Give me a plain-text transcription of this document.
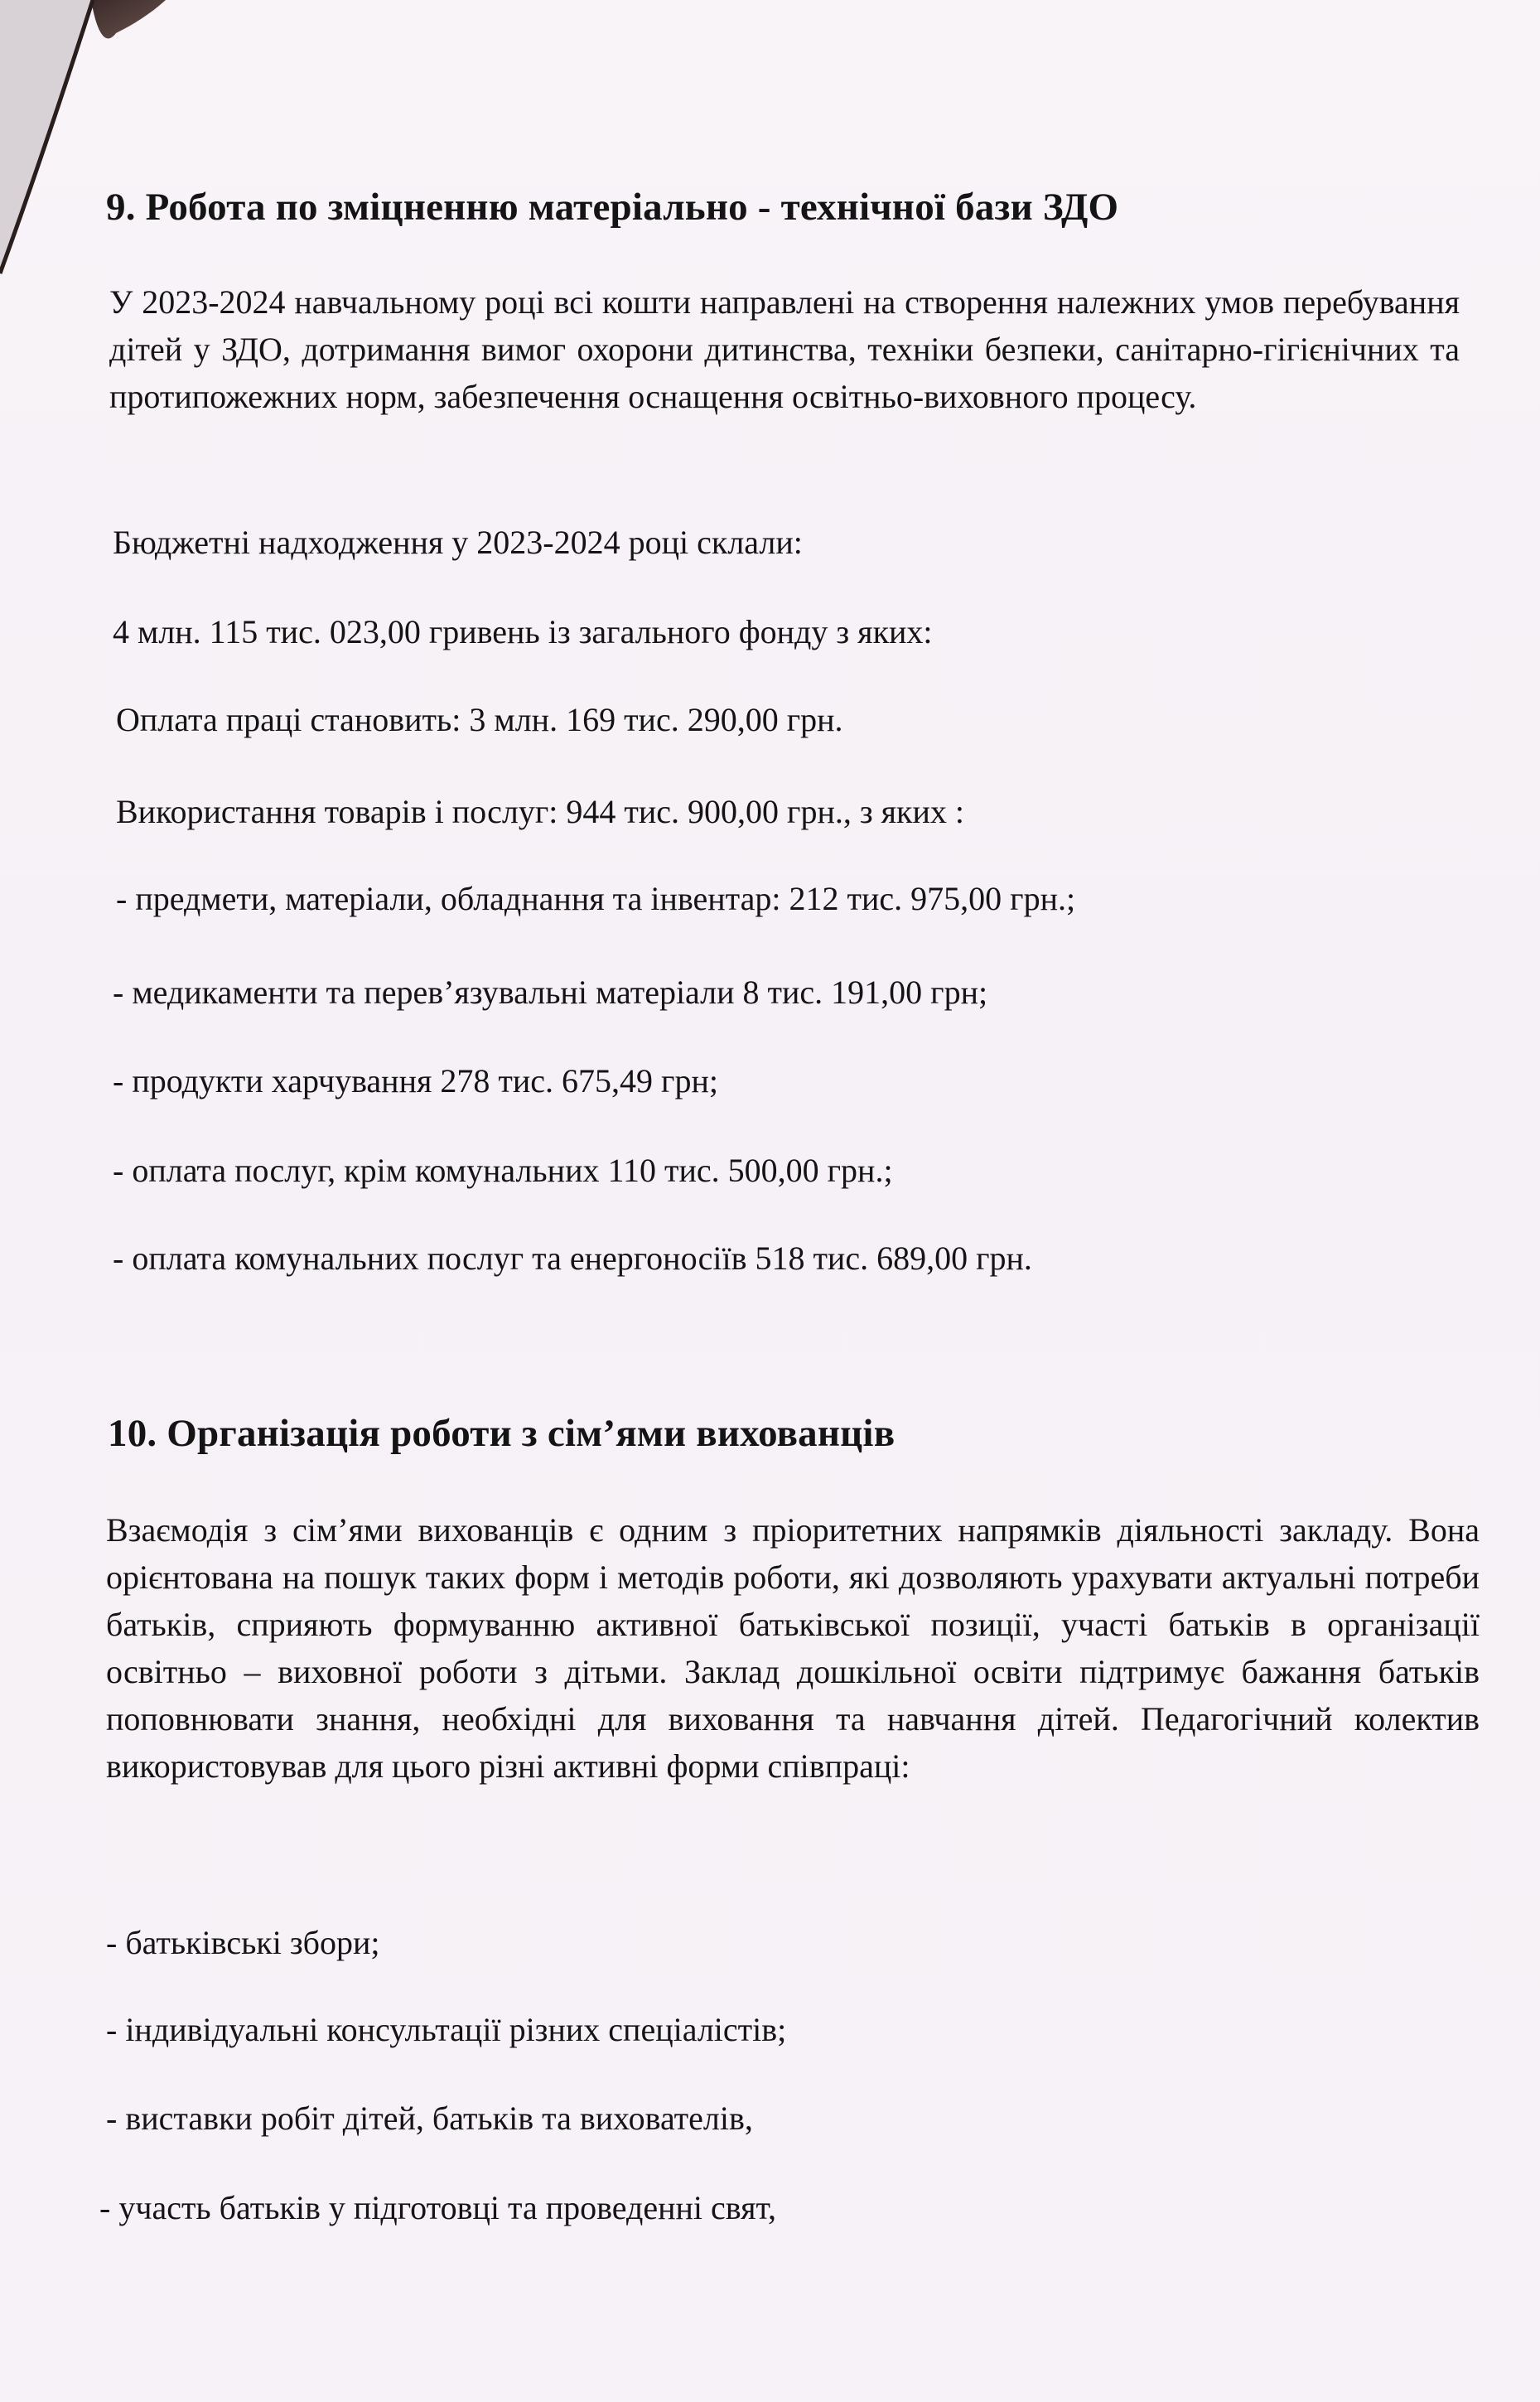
9. Робота по зміцненню матеріально - технічної бази ЗДО

У 2023-2024 навчальному році всі кошти направлені на створення належних умов перебування дітей у ЗДО, дотримання вимог охорони дитинства, техніки безпеки, санітарно-гігієнічних та протипожежних норм, забезпечення оснащення освітньо-виховного процесу.

Бюджетні надходження у 2023-2024 році склали:

4 млн. 115 тис. 023,00 гривень із загального фонду з яких:

Оплата праці становить: 3 млн. 169 тис. 290,00 грн.

Використання товарів і послуг: 944 тис. 900,00 грн., з яких :

- предмети, матеріали, обладнання та інвентар: 212 тис. 975,00 грн.;

- медикаменти та перев’язувальні матеріали 8 тис. 191,00 грн;

- продукти харчування 278 тис. 675,49 грн;

- оплата послуг, крім комунальних 110 тис. 500,00 грн.;

- оплата комунальних послуг та енергоносіїв 518 тис. 689,00 грн.

10. Організація роботи з сім’ями вихованців

Взаємодія з сім’ями вихованців є одним з пріоритетних напрямків діяльності закладу. Вона орієнтована на пошук таких форм і методів роботи, які дозволяють урахувати актуальні потреби батьків, сприяють формуванню активної батьківської позиції, участі батьків в організації освітньо – виховної роботи з дітьми. Заклад дошкільної освіти підтримує бажання батьків поповнювати знання, необхідні для виховання та навчання дітей. Педагогічний колектив використовував для цього різні активні форми співпраці:

- батьківські збори;

- індивідуальні консультації різних спеціалістів;

- виставки робіт дітей, батьків та вихователів,

- участь батьків у підготовці та проведенні свят,
